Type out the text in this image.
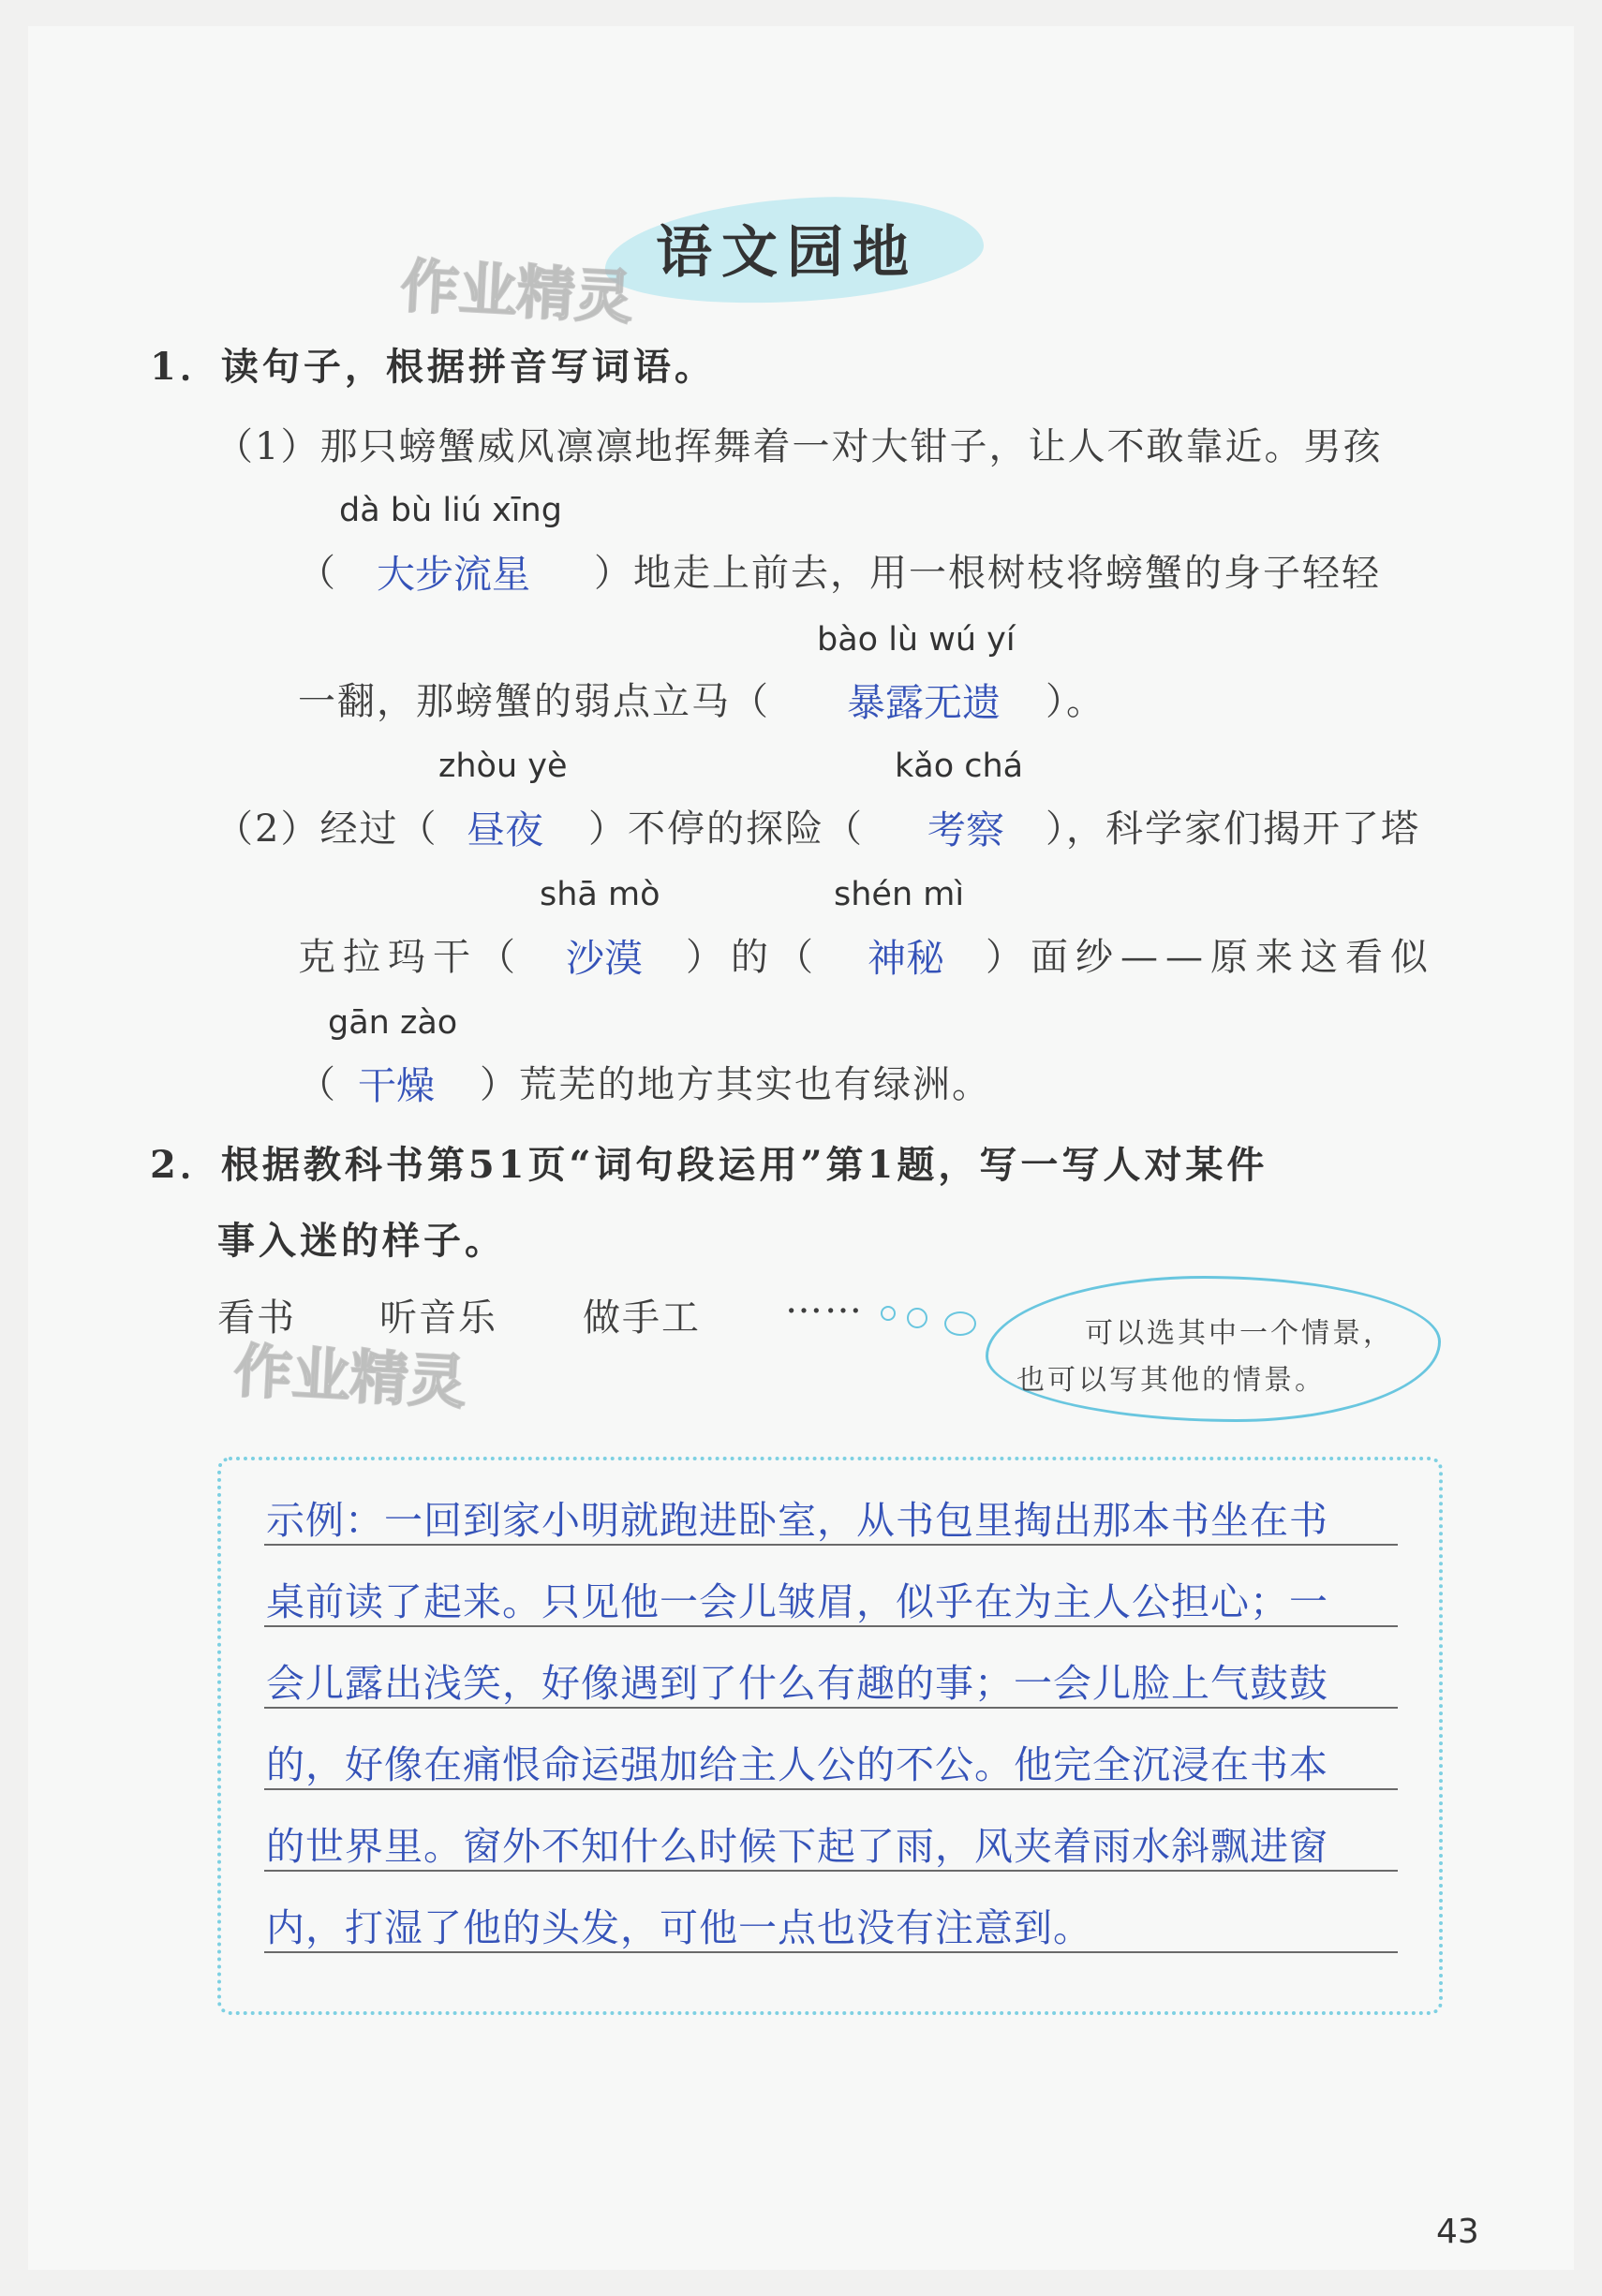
语文园地
作业精灵
1．读句子，根据拼音写词语。
（1）那只螃蟹威风凛凛地挥舞着一对大钳子，让人不敢靠近。男孩
dà bù liú xīng
（ 大步流星 ）地走上前去，用一根树枝将螃蟹的身子轻轻
bào lù wú yí
一翻，那螃蟹的弱点立马（ 暴露无遗 ）。
zhòu yè	kǎo chá
（2）经过（ 昼夜 ）不停的探险（ 考察 ），科学家们揭开了塔
shā mò	shén mì
克拉玛干（ 沙漠 ）的（ 神秘 ）面纱——原来这看似
gān zào
（ 干燥 ）荒芜的地方其实也有绿洲。
2．根据教科书第51页“词句段运用”第1题，写一写人对某件
事入迷的样子。
看书 听音乐 做手工 ……
可以选其中一个情景，
也可以写其他的情景。
示例：一回到家小明就跑进卧室，从书包里掏出那本书坐在书
桌前读了起来。只见他一会儿皱眉，似乎在为主人公担心；一
会儿露出浅笑，好像遇到了什么有趣的事；一会儿脸上气鼓鼓
的，好像在痛恨命运强加给主人公的不公。他完全沉浸在书本
的世界里。窗外不知什么时候下起了雨，风夹着雨水斜飘进窗
内，打湿了他的头发，可他一点也没有注意到。
作业精灵
43
